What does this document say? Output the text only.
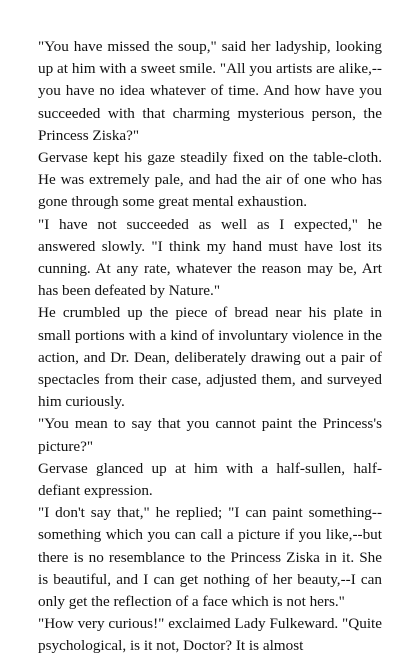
"You have missed the soup," said her ladyship, looking up at him with a sweet smile. "All you artists are alike,--you have no idea whatever of time. And how have you succeeded with that charming mysterious person, the Princess Ziska?"

Gervase kept his gaze steadily fixed on the table-cloth. He was extremely pale, and had the air of one who has gone through some great mental exhaustion.

"I have not succeeded as well as I expected," he answered slowly. "I think my hand must have lost its cunning. At any rate, whatever the reason may be, Art has been defeated by Nature."

He crumbled up the piece of bread near his plate in small portions with a kind of involuntary violence in the action, and Dr. Dean, deliberately drawing out a pair of spectacles from their case, adjusted them, and surveyed him curiously.

"You mean to say that you cannot paint the Princess's picture?"

Gervase glanced up at him with a half-sullen, half-defiant expression.

"I don't say that," he replied; "I can paint something--something which you can call a picture if you like,--but there is no resemblance to the Princess Ziska in it. She is beautiful, and I can get nothing of her beauty,--I can only get the reflection of a face which is not hers."

"How very curious!" exclaimed Lady Fulkeward. "Quite psychological, is it not, Doctor? It is almost
